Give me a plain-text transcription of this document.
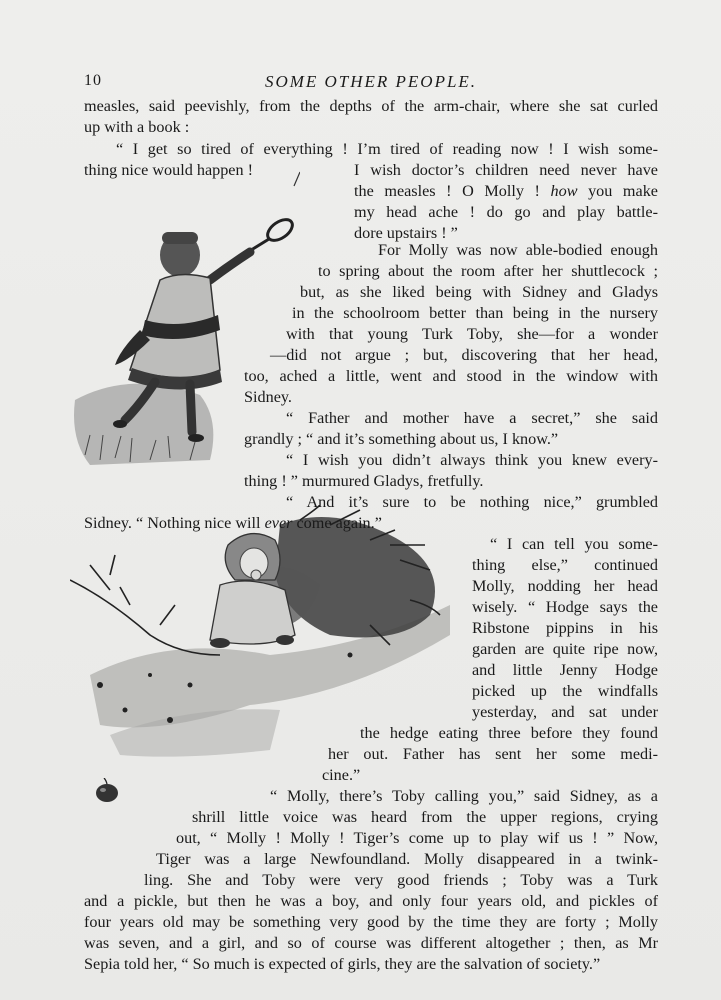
10	SOME OTHER PEOPLE.
measles, said peevishly, from the depths of the arm-chair, where she sat curled
up with a book :
“ I get so tired of everything ! I’m tired of reading now ! I wish some-
thing nice would happen !	I wish doctor’s children need never have
the measles ! O Molly ! how you make
my head ache ! do go and play battle-
dore upstairs ! ”
For Molly was now able-bodied enough
to spring about the room after her shuttlecock ;
but, as she liked being with Sidney and Gladys
in the schoolroom better than being in the nursery
with that young Turk Toby, she—for a wonder
—did not argue ; but, discovering that her head,
too, ached a little, went and stood in the window with
Sidney.
“ Father and mother have a secret,” she said
grandly ; “ and it’s something about us, I know.”
“ I wish you didn’t always think you knew every-
thing ! ” murmured Gladys, fretfully.
“ And it’s sure to be nothing nice,” grumbled
Sidney. “ Nothing nice will ever come again.”
“ I can tell you some-
thing else,” continued
Molly, nodding her head
wisely. “ Hodge says the
Ribstone pippins in his
garden are quite ripe now,
and little Jenny Hodge
picked up the windfalls
yesterday, and sat under
the hedge eating three before they found
her out. Father has sent her some medi-
cine.”
“ Molly, there’s Toby calling you,” said Sidney, as a
shrill little voice was heard from the upper regions, crying
out, “ Molly ! Molly ! Tiger’s come up to play wif us ! ” Now,
Tiger was a large Newfoundland. Molly disappeared in a twink-
ling. She and Toby were very good friends ; Toby was a Turk
and a pickle, but then he was a boy, and only four years old, and pickles of
four years old may be something very good by the time they are forty ; Molly
was seven, and a girl, and so of course was different altogether ; then, as Mr
Sepia told her, “ So much is expected of girls, they are the salvation of society.”
